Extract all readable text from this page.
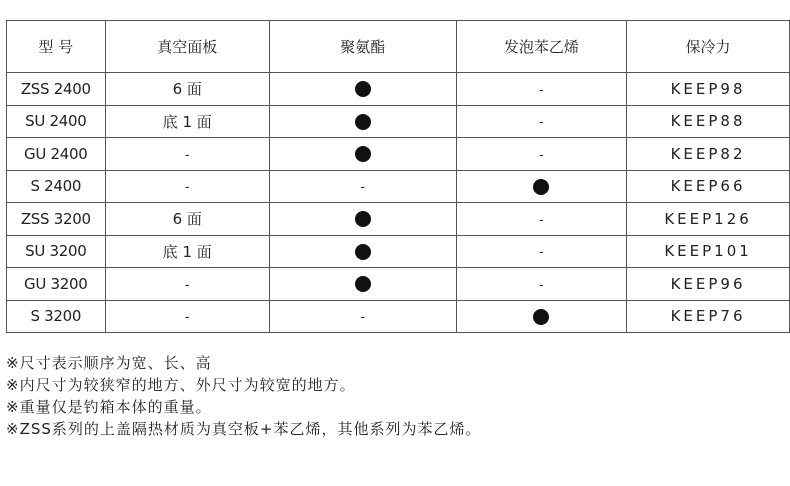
型 号	真空面板	聚氨酯	发泡苯乙烯	保冷力
ZSS 2400	6 面		-	KEEP98
SU 2400	底 1 面		-	KEEP88
GU 2400	-		-	KEEP82
S 2400	-	-		KEEP66
ZSS 3200	6 面		-	KEEP126
SU 3200	底 1 面		-	KEEP101
GU 3200	-		-	KEEP96
S 3200	-	-		KEEP76
※尺寸表示顺序为宽、长、高
※内尺寸为较狭窄的地方、外尺寸为较宽的地方。
※重量仅是钓箱本体的重量。
※ZSS系列的上盖隔热材质为真空板+苯乙烯，其他系列为苯乙烯。
